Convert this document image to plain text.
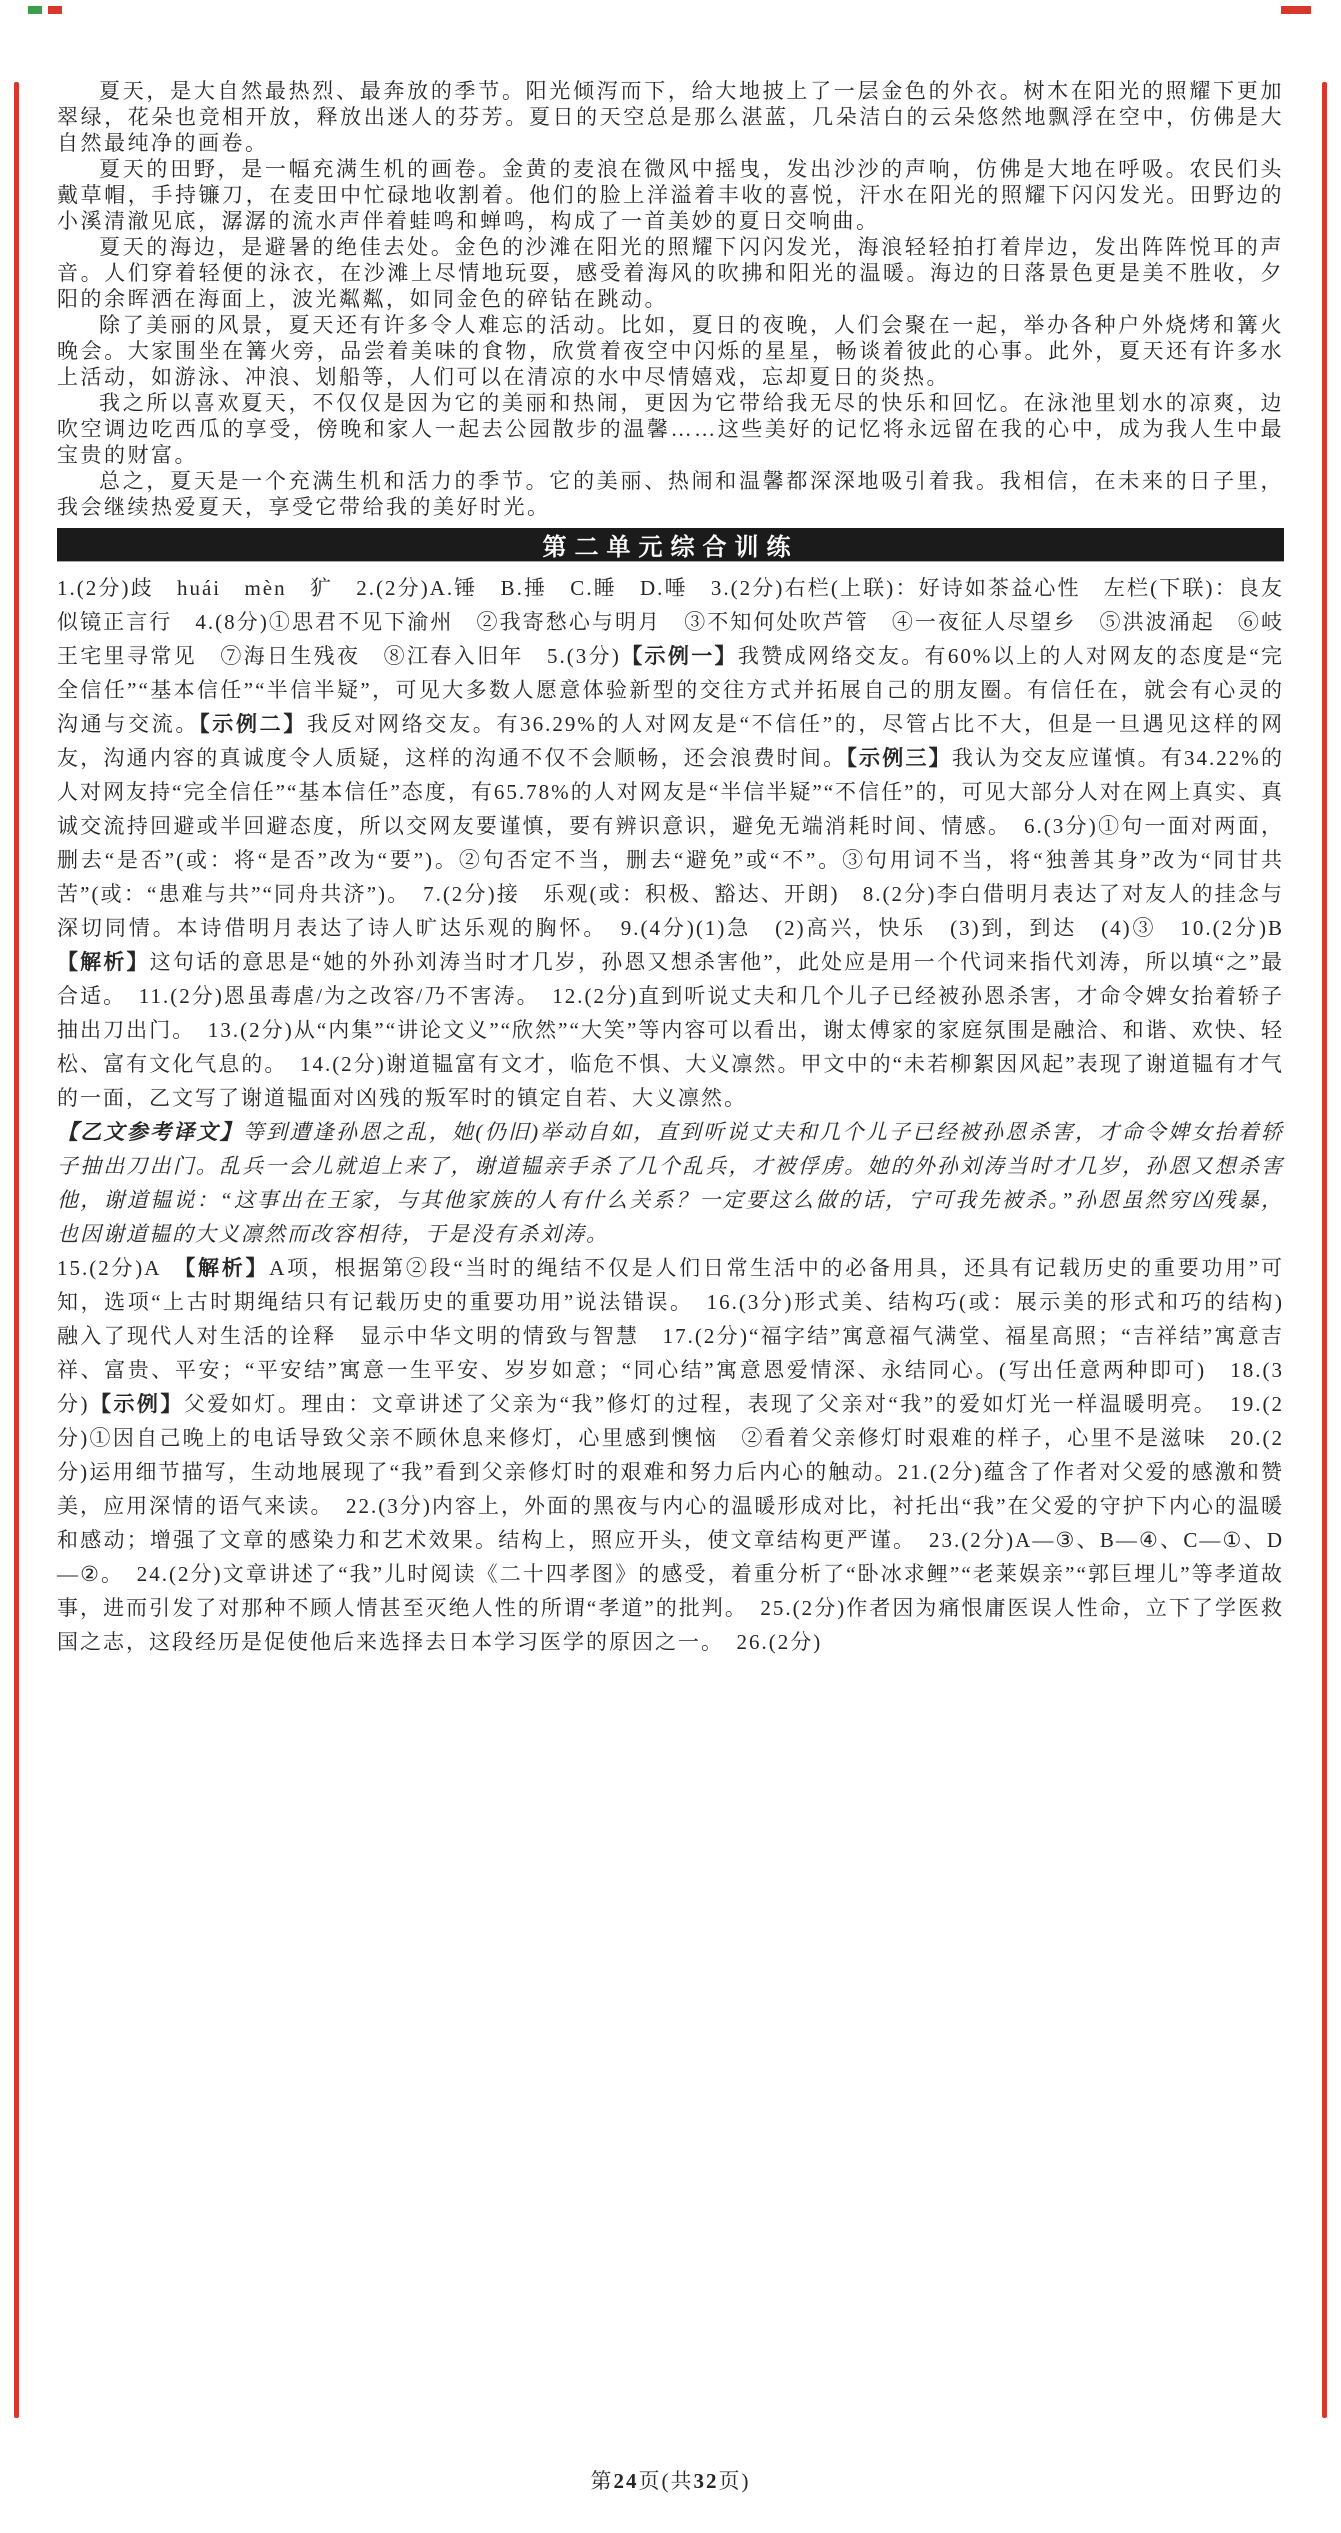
夏天，是大自然最热烈、最奔放的季节。阳光倾泻而下，给大地披上了一层金色的外衣。树木在阳光的照耀下更加翠绿，花朵也竞相开放，释放出迷人的芬芳。夏日的天空总是那么湛蓝，几朵洁白的云朵悠然地飘浮在空中，仿佛是大自然最纯净的画卷。

夏天的田野，是一幅充满生机的画卷。金黄的麦浪在微风中摇曳，发出沙沙的声响，仿佛是大地在呼吸。农民们头戴草帽，手持镰刀，在麦田中忙碌地收割着。他们的脸上洋溢着丰收的喜悦，汗水在阳光的照耀下闪闪发光。田野边的小溪清澈见底，潺潺的流水声伴着蛙鸣和蝉鸣，构成了一首美妙的夏日交响曲。

夏天的海边，是避暑的绝佳去处。金色的沙滩在阳光的照耀下闪闪发光，海浪轻轻拍打着岸边，发出阵阵悦耳的声音。人们穿着轻便的泳衣，在沙滩上尽情地玩耍，感受着海风的吹拂和阳光的温暖。海边的日落景色更是美不胜收，夕阳的余晖洒在海面上，波光粼粼，如同金色的碎钻在跳动。

除了美丽的风景，夏天还有许多令人难忘的活动。比如，夏日的夜晚，人们会聚在一起，举办各种户外烧烤和篝火晚会。大家围坐在篝火旁，品尝着美味的食物，欣赏着夜空中闪烁的星星，畅谈着彼此的心事。此外，夏天还有许多水上活动，如游泳、冲浪、划船等，人们可以在清凉的水中尽情嬉戏，忘却夏日的炎热。

我之所以喜欢夏天，不仅仅是因为它的美丽和热闹，更因为它带给我无尽的快乐和回忆。在泳池里划水的凉爽，边吹空调边吃西瓜的享受，傍晚和家人一起去公园散步的温馨……这些美好的记忆将永远留在我的心中，成为我人生中最宝贵的财富。

总之，夏天是一个充满生机和活力的季节。它的美丽、热闹和温馨都深深地吸引着我。我相信，在未来的日子里，我会继续热爱夏天，享受它带给我的美好时光。

第二单元综合训练

1.(2分)歧　huái　mèn　犷　2.(2分)A.锤　B.捶　C.睡　D.唾　3.(2分)右栏(上联)：好诗如茶益心性　左栏(下联)：良友似镜正言行　4.(8分)①思君不见下渝州　②我寄愁心与明月　③不知何处吹芦管　④一夜征人尽望乡　⑤洪波涌起　⑥岐王宅里寻常见　⑦海日生残夜　⑧江春入旧年　5.(3分)【示例一】我赞成网络交友。有60%以上的人对网友的态度是“完全信任”“基本信任”“半信半疑”，可见大多数人愿意体验新型的交往方式并拓展自己的朋友圈。有信任在，就会有心灵的沟通与交流。【示例二】我反对网络交友。有36.29%的人对网友是“不信任”的，尽管占比不大，但是一旦遇见这样的网友，沟通内容的真诚度令人质疑，这样的沟通不仅不会顺畅，还会浪费时间。【示例三】我认为交友应谨慎。有34.22%的人对网友持“完全信任”“基本信任”态度，有65.78%的人对网友是“半信半疑”“不信任”的，可见大部分人对在网上真实、真诚交流持回避或半回避态度，所以交网友要谨慎，要有辨识意识，避免无端消耗时间、情感。　6.(3分)①句一面对两面，删去“是否”(或：将“是否”改为“要”)。②句否定不当，删去“避免”或“不”。③句用词不当，将“独善其身”改为“同甘共苦”(或：“患难与共”“同舟共济”)。　7.(2分)接　乐观(或：积极、豁达、开朗)　8.(2分)李白借明月表达了对友人的挂念与深切同情。本诗借明月表达了诗人旷达乐观的胸怀。　9.(4分)(1)急　(2)高兴，快乐　(3)到，到达　(4)③　10.(2分)B　【解析】这句话的意思是“她的外孙刘涛当时才几岁，孙恩又想杀害他”，此处应是用一个代词来指代刘涛，所以填“之”最合适。　11.(2分)恩虽毒虐/为之改容/乃不害涛。　12.(2分)直到听说丈夫和几个儿子已经被孙恩杀害，才命令婢女抬着轿子抽出刀出门。　13.(2分)从“内集”“讲论文义”“欣然”“大笑”等内容可以看出，谢太傅家的家庭氛围是融洽、和谐、欢快、轻松、富有文化气息的。　14.(2分)谢道韫富有文才，临危不惧、大义凛然。甲文中的“未若柳絮因风起”表现了谢道韫有才气的一面，乙文写了谢道韫面对凶残的叛军时的镇定自若、大义凛然。

【乙文参考译文】等到遭逢孙恩之乱，她(仍旧)举动自如，直到听说丈夫和几个儿子已经被孙恩杀害，才命令婢女抬着轿子抽出刀出门。乱兵一会儿就追上来了，谢道韫亲手杀了几个乱兵，才被俘虏。她的外孙刘涛当时才几岁，孙恩又想杀害他，谢道韫说：“这事出在王家，与其他家族的人有什么关系？一定要这么做的话，宁可我先被杀。”孙恩虽然穷凶残暴，也因谢道韫的大义凛然而改容相待，于是没有杀刘涛。

15.(2分)A　【解析】A项，根据第②段“当时的绳结不仅是人们日常生活中的必备用具，还具有记载历史的重要功用”可知，选项“上古时期绳结只有记载历史的重要功用”说法错误。　16.(3分)形式美、结构巧(或：展示美的形式和巧的结构)　融入了现代人对生活的诠释　显示中华文明的情致与智慧　17.(2分)“福字结”寓意福气满堂、福星高照；“吉祥结”寓意吉祥、富贵、平安；“平安结”寓意一生平安、岁岁如意；“同心结”寓意恩爱情深、永结同心。(写出任意两种即可)　18.(3分)【示例】父爱如灯。理由：文章讲述了父亲为“我”修灯的过程，表现了父亲对“我”的爱如灯光一样温暖明亮。　19.(2分)①因自己晚上的电话导致父亲不顾休息来修灯，心里感到懊恼　②看着父亲修灯时艰难的样子，心里不是滋味　20.(2分)运用细节描写，生动地展现了“我”看到父亲修灯时的艰难和努力后内心的触动。21.(2分)蕴含了作者对父爱的感激和赞美，应用深情的语气来读。　22.(3分)内容上，外面的黑夜与内心的温暖形成对比，衬托出“我”在父爱的守护下内心的温暖和感动；增强了文章的感染力和艺术效果。结构上，照应开头，使文章结构更严谨。　23.(2分)A—③、B—④、C—①、D—②。　24.(2分)文章讲述了“我”儿时阅读《二十四孝图》的感受，着重分析了“卧冰求鲤”“老莱娱亲”“郭巨埋儿”等孝道故事，进而引发了对那种不顾人情甚至灭绝人性的所谓“孝道”的批判。　25.(2分)作者因为痛恨庸医误人性命，立下了学医救国之志，这段经历是促使他后来选择去日本学习医学的原因之一。　26.(2分)

第24页(共32页)
